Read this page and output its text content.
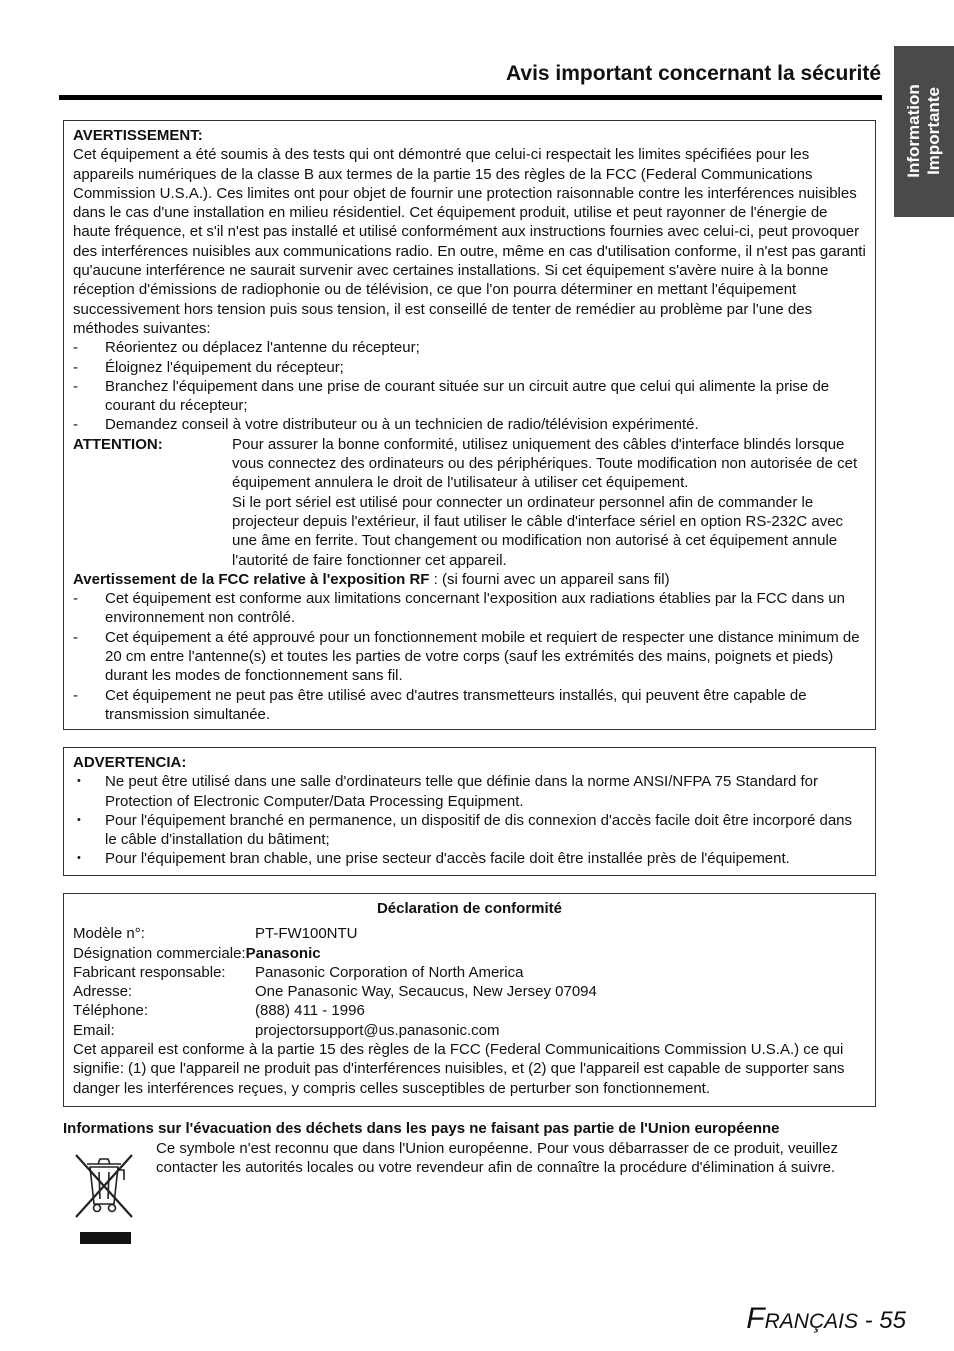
Avis important concernant la sécurité
Information
Importante

AVERTISSEMENT:

Cet équipement a été soumis à des tests qui ont démontré que celui-ci respectait les limites spécifiées pour les appareils numériques de la classe B aux termes de la partie 15 des règles de la FCC (Federal Communications Commission U.S.A.). Ces limites ont pour objet de fournir une protection raisonnable contre les interférences nuisibles dans le cas d'une installation en milieu résidentiel. Cet équipement produit, utilise et peut rayonner de l'énergie de haute fréquence, et s'il n'est pas installé et utilisé conformément aux instructions fournies avec celui-ci, peut provoquer des interférences nuisibles aux communications radio. En outre, même en cas d'utilisation conforme, il n'est pas garanti qu'aucune interférence ne saurait survenir avec certaines installations. Si cet équipement s'avère nuire à la bonne réception d'émissions de radiophonie ou de télévision, ce que l'on pourra déterminer en mettant l'équipement successivement hors tension puis sous tension, il est conseillé de tenter de remédier au problème par l'une des méthodes suivantes:

-	Réorientez ou déplacez l'antenne du récepteur;
-	Éloignez l'équipement du récepteur;
-	Branchez l'équipement dans une prise de courant située sur un circuit autre que celui qui alimente la prise de courant du récepteur;
-	Demandez conseil à votre distributeur ou à un technicien de radio/télévision expérimenté.
ATTENTION:	Pour assurer la bonne conformité, utilisez uniquement des câbles d'interface blindés lorsque vous connectez des ordinateurs ou des périphériques. Toute modification non autorisée de cet équipement annulera le droit de l'utilisateur à utiliser cet équipement.

Si le port sériel est utilisé pour connecter un ordinateur personnel afin de commander le projecteur depuis l'extérieur, il faut utiliser le câble d'interface sériel en option RS-232C avec une âme en ferrite. Tout changement ou modification non autorisé à cet équipement annule l'autorité de faire fonctionner cet appareil.

Avertissement de la FCC relative à l'exposition RF : (si fourni avec un appareil sans fil)

-	Cet équipement est conforme aux limitations concernant l'exposition aux radiations établies par la FCC dans un environnement non contrôlé.
-	Cet équipement a été approuvé pour un fonctionnement mobile et requiert de respecter une distance minimum de 20 cm entre l'antenne(s) et toutes les parties de votre corps (sauf les extrémités des mains, poignets et pieds) durant les modes de fonctionnement sans fil.
-	Cet équipement ne peut pas être utilisé avec d'autres transmetteurs installés, qui peuvent être capable de transmission simultanée.

ADVERTENCIA:

•	Ne peut être utilisé dans une salle d'ordinateurs telle que définie dans la norme ANSI/NFPA 75 Standard for Protection of Electronic Computer/Data Processing Equipment.
•	Pour l'équipement branché en permanence, un dispositif de dis connexion d'accès facile doit être incorporé dans le câble d'installation du bâtiment;
•	Pour l'équipement bran chable, une prise secteur d'accès facile doit être installée près de l'équipement.

Déclaration de conformité

Modèle n°:	PT-FW100NTU
Désignation commerciale: Panasonic
Fabricant responsable:	Panasonic Corporation of North America
Adresse:	One Panasonic Way, Secaucus, New Jersey 07094
Téléphone:	(888) 411 - 1996
Email:	projectorsupport@us.panasonic.com

Cet appareil est conforme à la partie 15 des règles de la FCC (Federal Communicaitions Commission U.S.A.) ce qui signifie: (1) que l'appareil ne produit pas d'interférences nuisibles, et (2) que l'appareil est capable de supporter sans danger les interférences reçues, y compris celles susceptibles de perturber son fonctionnement.

Informations sur l'évacuation des déchets dans les pays ne faisant pas partie de l'Union européenne
Ce symbole n'est reconnu que dans l'Union européenne. Pour vous débarrasser de ce produit, veuillez contacter les autorités locales ou votre revendeur afin de connaître la procédure d'élimination á suivre.
FRANÇAIS - 55
